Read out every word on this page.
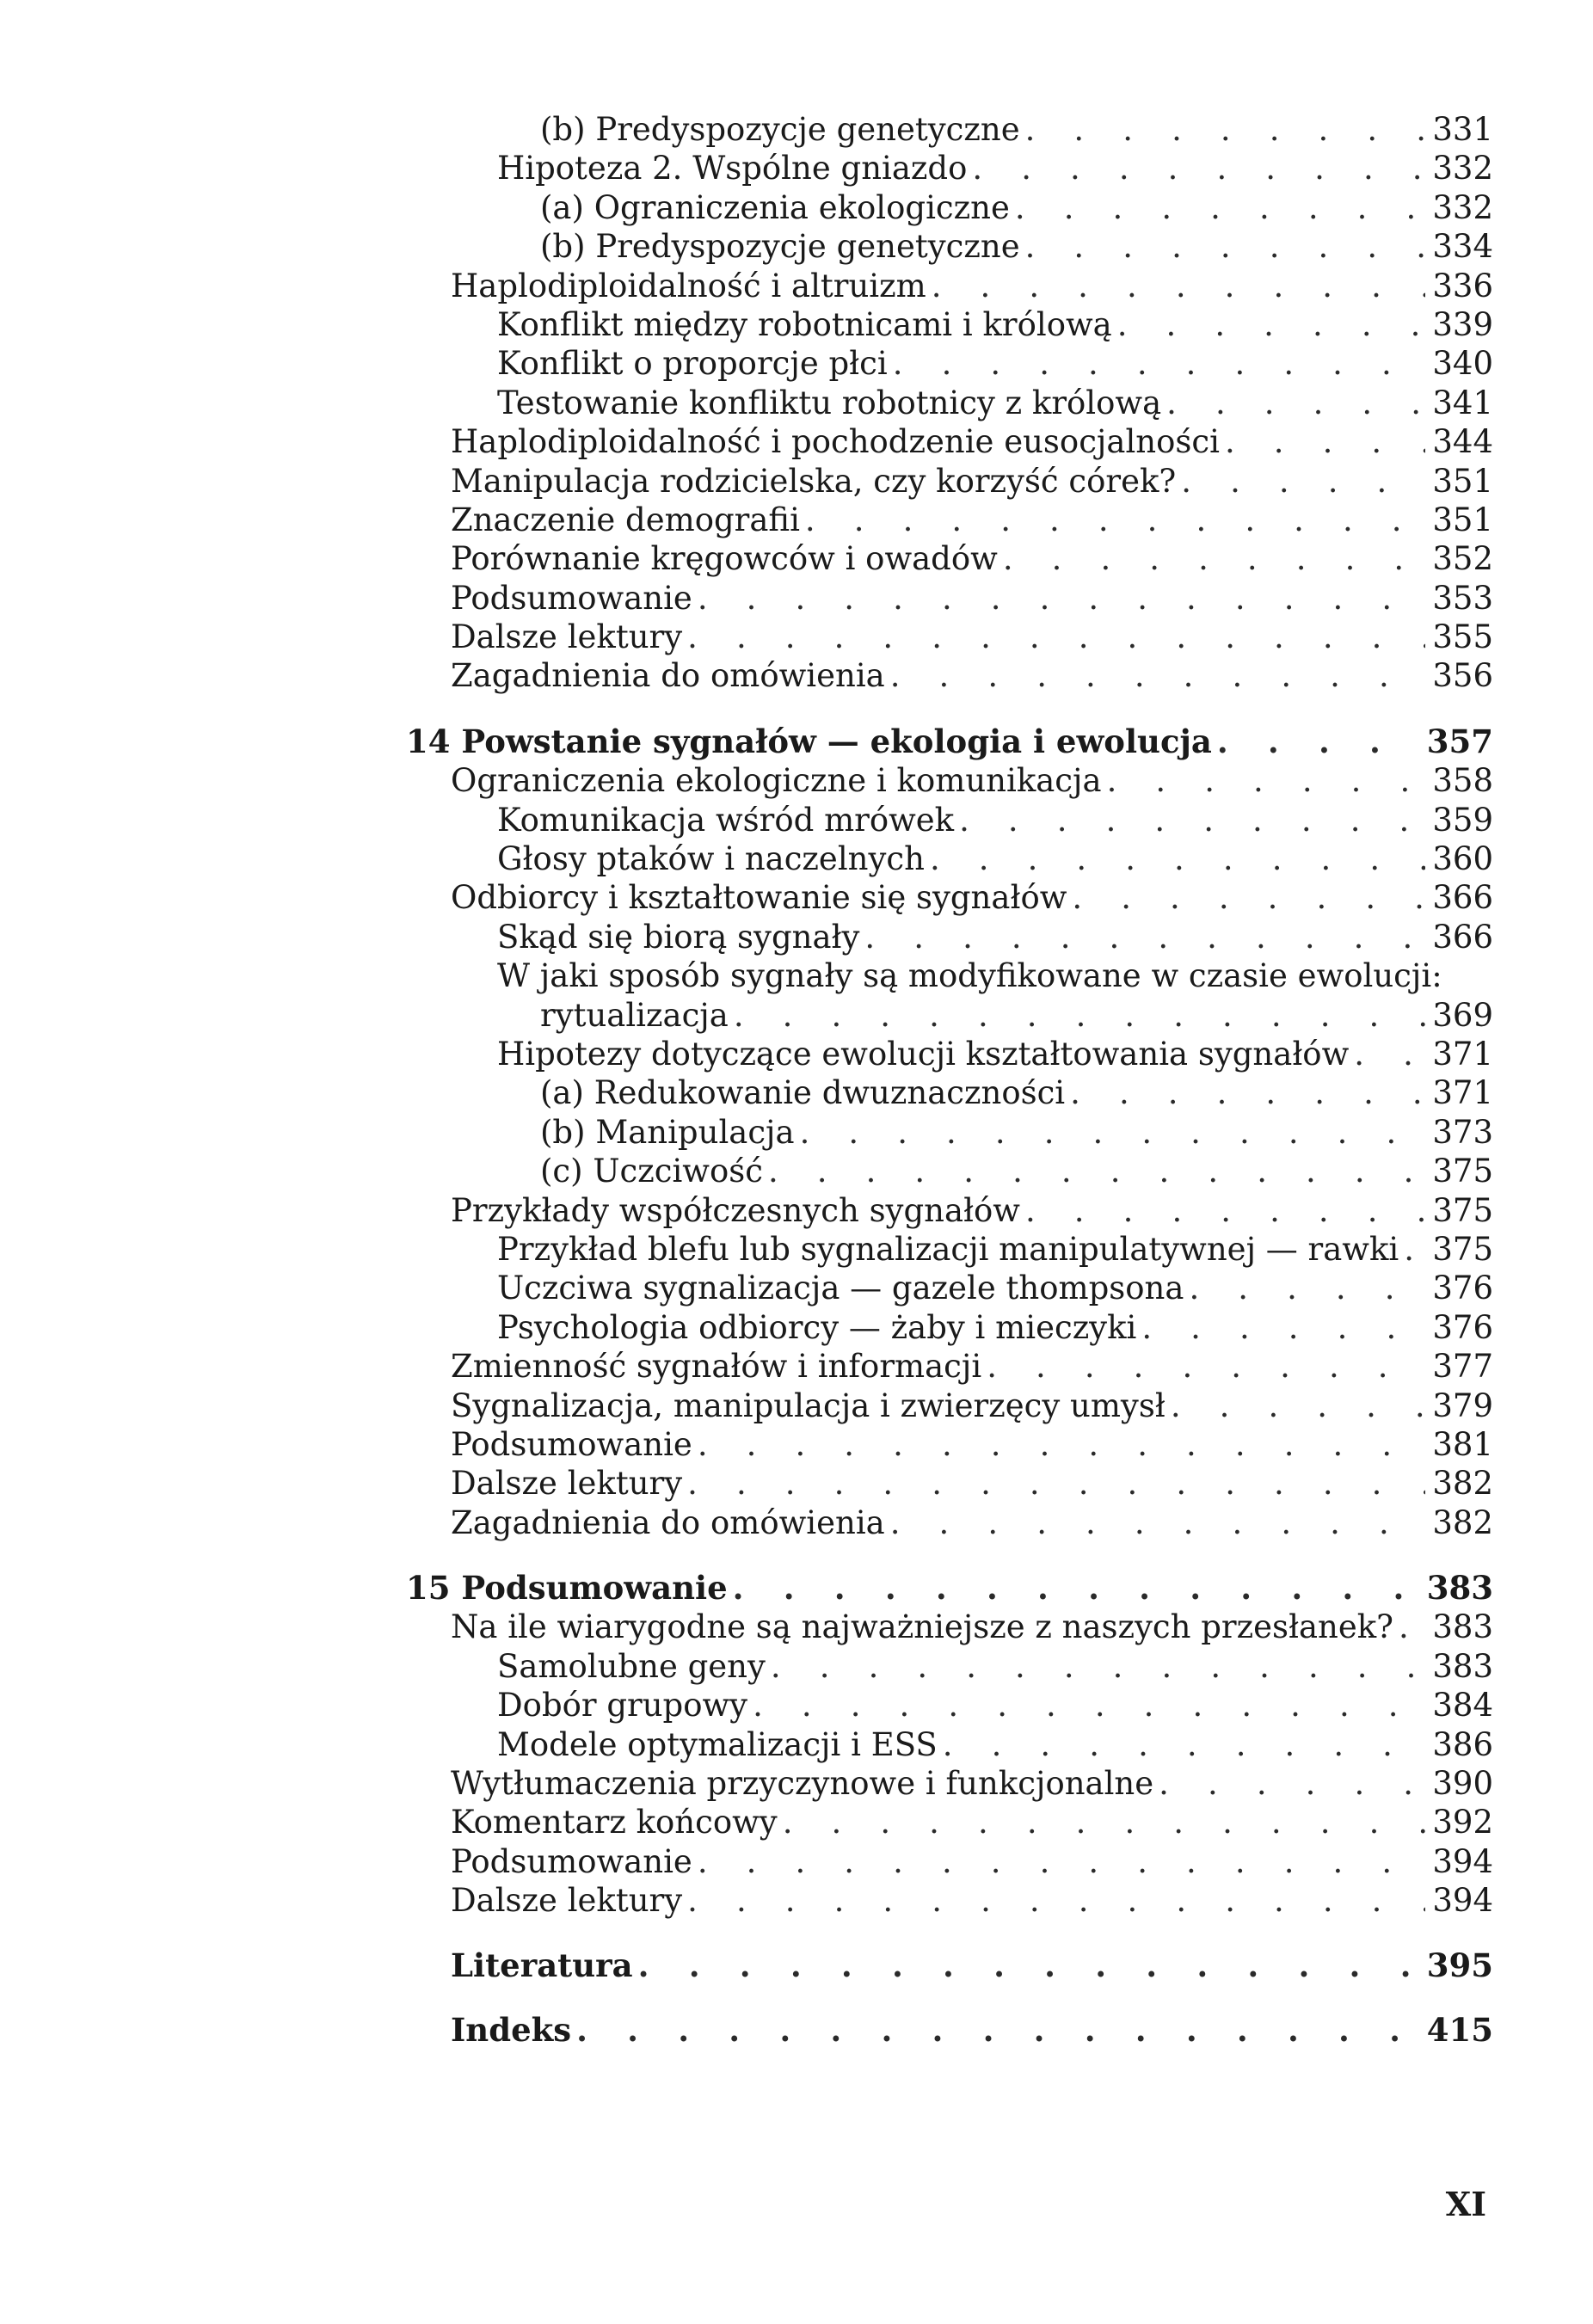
(b) Predyspozycje genetyczne . . .	331
Hipoteza 2. Wspólne gniazdo . . .	332
(a) Ograniczenia ekologiczne . . .	332
(b) Predyspozycje genetyczne . . .	334
Haplodiploidalność i altruizm . . .	336
Konflikt między robotnicami i królową . . .	339
Konflikt o proporcje płci . . .	340
Testowanie konfliktu robotnicy z królową . . .	341
Haplodiploidalność i pochodzenie eusocjalności . . .	344
Manipulacja rodzicielska, czy korzyść córek? . . .	351
Znaczenie demografii . . .	351
Porównanie kręgowców i owadów . . .	352
Podsumowanie . . .	353
Dalsze lektury . . .	355
Zagadnienia do omówienia . . .	356
14 Powstanie sygnałów — ekologia i ewolucja . . .	357
Ograniczenia ekologiczne i komunikacja . . .	358
Komunikacja wśród mrówek . . .	359
Głosy ptaków i naczelnych . . .	360
Odbiorcy i kształtowanie się sygnałów . . .	366
Skąd się biorą sygnały . . .	366
W jaki sposób sygnały są modyfikowane w czasie ewolucji:
rytualizacja . . .	369
Hipotezy dotyczące ewolucji kształtowania sygnałów . . .	371
(a) Redukowanie dwuznaczności . . .	371
(b) Manipulacja . . .	373
(c) Uczciwość . . .	375
Przykłady współczesnych sygnałów . . .	375
Przykład blefu lub sygnalizacji manipulatywnej — rawki . . . 375
Uczciwa sygnalizacja — gazele thompsona . . .	376
Psychologia odbiorcy — żaby i mieczyki . . .	376
Zmienność sygnałów i informacji . . .	377
Sygnalizacja, manipulacja i zwierzęcy umysł . . .	379
Podsumowanie . . .	381
Dalsze lektury . . .	382
Zagadnienia do omówienia . . .	382
15 Podsumowanie . . .	383
Na ile wiarygodne są najważniejsze z naszych przesłanek? . . . 383
Samolubne geny . . .	383
Dobór grupowy . . .	384
Modele optymalizacji i ESS . . .	386
Wytłumaczenia przyczynowe i funkcjonalne . . .	390
Komentarz końcowy . . .	392
Podsumowanie . . .	394
Dalsze lektury . . .	394
Literatura . . .	395
Indeks . . .	415
XI
